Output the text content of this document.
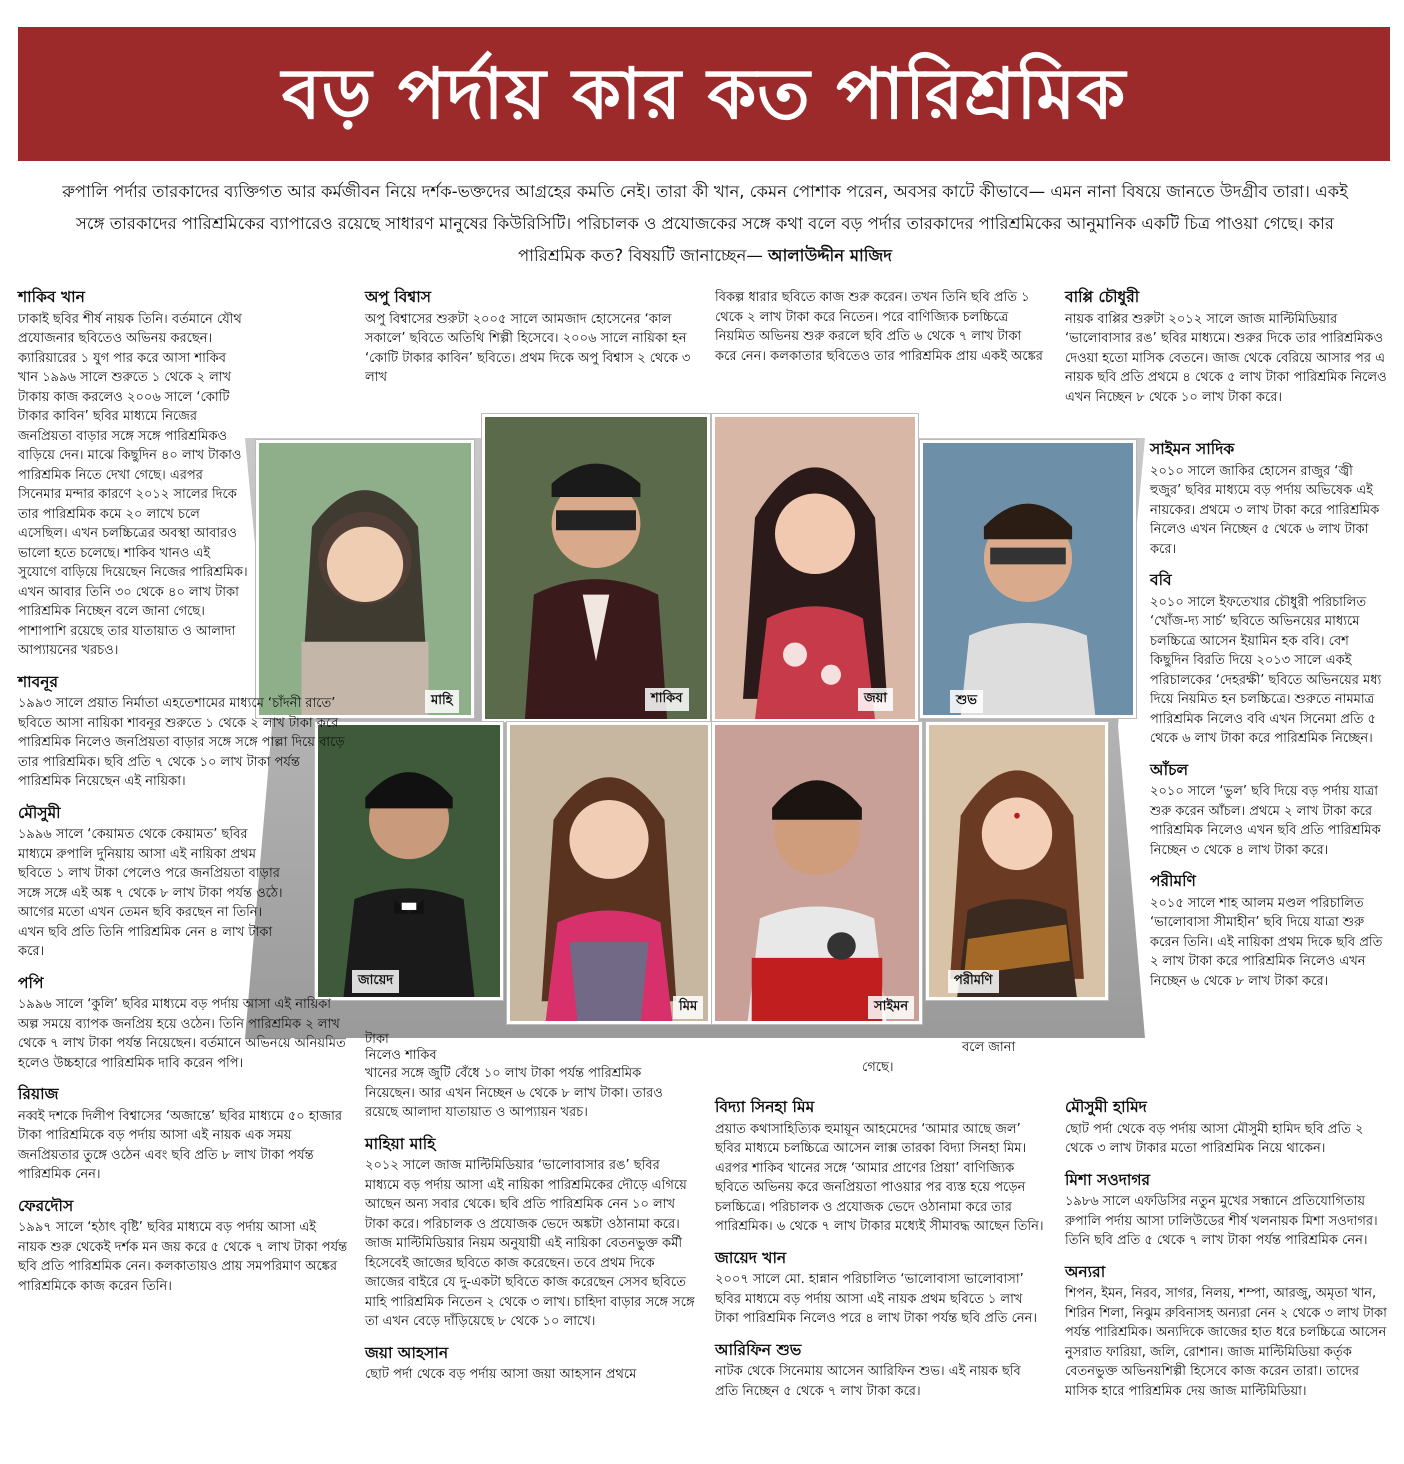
বড় পর্দায় কার কত পারিশ্রমিক

রুপালি পর্দার তারকাদের ব্যক্তিগত আর কর্মজীবন নিয়ে দর্শক-ভক্তদের আগ্রহের কমতি নেই। তারা কী খান, কেমন পোশাক পরেন, অবসর কাটে কীভাবে— এমন নানা বিষয়ে জানতে উদগ্রীব তারা। একই সঙ্গে তারকাদের পারিশ্রমিকের ব্যাপারেও রয়েছে সাধারণ মানুষের কিউরিসিটি। পরিচালক ও প্রযোজকের সঙ্গে কথা বলে বড় পর্দার তারকাদের পারিশ্রমিকের আনুমানিক একটি চিত্র পাওয়া গেছে। কার পারিশ্রমিক কত? বিষয়টি জানাচ্ছেন— আলাউদ্দীন মাজিদ

মাহি	শাকিব	জয়া	শুভ
জায়েদ
মিম	সাইমন
পরীমণি
শাকিব খান

ঢাকাই ছবির শীর্ষ নায়ক তিনি। বর্তমানে যৌথ প্রযোজনার ছবিতেও অভিনয় করছেন। ক্যারিয়ারের ১ যুগ পার করে আসা শাকিব খান ১৯৯৬ সালে শুরুতে ১ থেকে ২ লাখ টাকায় কাজ করলেও ২০০৬ সালে ‘কোটি টাকার কাবিন’ ছবির মাধ্যমে নিজের জনপ্রিয়তা বাড়ার সঙ্গে সঙ্গে পারিশ্রমিকও বাড়িয়ে দেন। মাঝে কিছুদিন ৪০ লাখ টাকাও পারিশ্রমিক নিতে দেখা গেছে। এরপর সিনেমার মন্দার কারণে ২০১২ সালের দিকে তার পারিশ্রমিক কমে ২০ লাখে চলে এসেছিল। এখন চলচ্চিত্রের অবস্থা আবারও ভালো হতে চলেছে। শাকিব খানও এই সুযোগে বাড়িয়ে দিয়েছেন নিজের পারিশ্রমিক। এখন আবার তিনি ৩০ থেকে ৪০ লাখ টাকা পারিশ্রমিক নিচ্ছেন বলে জানা গেছে। পাশাপাশি রয়েছে তার যাতায়াত ও আলাদা আপ্যায়নের খরচও।

শাবনূর

১৯৯৩ সালে প্রয়াত নির্মাতা এহতেশামের মাধ্যমে ‘চাঁদনী রাতে’ ছবিতে আসা নায়িকা শাবনূর শুরুতে ১ থেকে ২ লাখ টাকা করে পারিশ্রমিক নিলেও জনপ্রিয়তা বাড়ার সঙ্গে সঙ্গে পাল্লা দিয়ে বাড়ে তার পারিশ্রমিক। ছবি প্রতি ৭ থেকে ১০ লাখ টাকা পর্যন্ত পারিশ্রমিক নিয়েছেন এই নায়িকা।

মৌসুমী

১৯৯৬ সালে ‘কেয়ামত থেকে কেয়ামত’ ছবির মাধ্যমে রুপালি দুনিয়ায় আসা এই নায়িকা প্রথম ছবিতে ১ লাখ টাকা পেলেও পরে জনপ্রিয়তা বাড়ার সঙ্গে সঙ্গে এই অঙ্ক ৭ থেকে ৮ লাখ টাকা পর্যন্ত ওঠে। আগের মতো এখন তেমন ছবি করছেন না তিনি। এখন ছবি প্রতি তিনি পারিশ্রমিক নেন ৪ লাখ টাকা করে।

পপি

১৯৯৬ সালে ‘কুলি’ ছবির মাধ্যমে বড় পর্দায় আসা এই নায়িকা অল্প সময়ে ব্যাপক জনপ্রিয় হয়ে ওঠেন। তিনি পারিশ্রমিক ২ লাখ থেকে ৭ লাখ টাকা পর্যন্ত নিয়েছেন। বর্তমানে অভিনয়ে অনিয়মিত হলেও উচ্চহারে পারিশ্রমিক দাবি করেন পপি।

রিয়াজ

নব্বই দশকে দিলীপ বিশ্বাসের ‘অজান্তে’ ছবির মাধ্যমে ৫০ হাজার টাকা পারিশ্রমিকে বড় পর্দায় আসা এই নায়ক এক সময় জনপ্রিয়তার তুঙ্গে ওঠেন এবং ছবি প্রতি ৮ লাখ টাকা পর্যন্ত পারিশ্রমিক নেন।

ফেরদৌস

১৯৯৭ সালে ‘হঠাৎ বৃষ্টি’ ছবির মাধ্যমে বড় পর্দায় আসা এই নায়ক শুরু থেকেই দর্শক মন জয় করে ৫ থেকে ৭ লাখ টাকা পর্যন্ত ছবি প্রতি পারিশ্রমিক নেন। কলকাতায়ও প্রায় সমপরিমাণ অঙ্কের পারিশ্রমিকে কাজ করেন তিনি।

অপু বিশ্বাস

অপু বিশ্বাসের শুরুটা ২০০৫ সালে আমজাদ হোসেনের ‘কাল সকালে’ ছবিতে অতিথি শিল্পী হিসেবে। ২০০৬ সালে নায়িকা হন ‘কোটি টাকার কাবিন’ ছবিতে। প্রথম দিকে অপু বিশ্বাস ২ থেকে ৩ লাখ

টাকা

নিলেও শাকিব

খানের সঙ্গে জুটি বেঁধে ১০ লাখ টাকা পর্যন্ত পারিশ্রমিক নিয়েছেন। আর এখন নিচ্ছেন ৬ থেকে ৮ লাখ টাকা। তারও রয়েছে আলাদা যাতায়াত ও আপ্যায়ন খরচ।

মাহিয়া মাহি

২০১২ সালে জাজ মাল্টিমিডিয়ার ‘ভালোবাসার রঙ’ ছবির মাধ্যমে বড় পর্দায় আসা এই নায়িকা পারিশ্রমিকের দৌড়ে এগিয়ে আছেন অন্য সবার থেকে। ছবি প্রতি পারিশ্রমিক নেন ১০ লাখ টাকা করে। পরিচালক ও প্রযোজক ভেদে অঙ্কটা ওঠানামা করে। জাজ মাল্টিমিডিয়ার নিয়ম অনুযায়ী এই নায়িকা বেতনভুক্ত কর্মী হিসেবেই জাজের ছবিতে কাজ করেছেন। তবে প্রথম দিকে জাজের বাইরে যে দু-একটা ছবিতে কাজ করেছেন সেসব ছবিতে মাহি পারিশ্রমিক নিতেন ২ থেকে ৩ লাখ। চাহিদা বাড়ার সঙ্গে সঙ্গে তা এখন বেড়ে দাঁড়িয়েছে ৮ থেকে ১০ লাখে।

জয়া আহসান

ছোট পর্দা থেকে বড় পর্দায় আসা জয়া আহসান প্রথমে

বিকল্প ধারার ছবিতে কাজ শুরু করেন। তখন তিনি ছবি প্রতি ১ থেকে ২ লাখ টাকা করে নিতেন। পরে বাণিজ্যিক চলচ্চিত্রে নিয়মিত অভিনয় শুরু করলে ছবি প্রতি ৬ থেকে ৭ লাখ টাকা করে নেন। কলকাতার ছবিতেও তার পারিশ্রমিক প্রায় একই অঙ্কের

বলে জানা

গেছে।

বিদ্যা সিনহা মিম

প্রয়াত কথাসাহিত্যিক হুমায়ূন আহমেদের ‘আমার আছে জল’ ছবির মাধ্যমে চলচ্চিত্রে আসেন লাক্স তারকা বিদ্যা সিনহা মিম। এরপর শাকিব খানের সঙ্গে ‘আমার প্রাণের প্রিয়া’ বাণিজ্যিক ছবিতে অভিনয় করে জনপ্রিয়তা পাওয়ার পর ব্যস্ত হয়ে পড়েন চলচ্চিত্রে। পরিচালক ও প্রযোজক ভেদে ওঠানামা করে তার পারিশ্রমিক। ৬ থেকে ৭ লাখ টাকার মধ্যেই সীমাবদ্ধ আছেন তিনি।

জায়েদ খান

২০০৭ সালে মো. হান্নান পরিচালিত ‘ভালোবাসা ভালোবাসা’ ছবির মাধ্যমে বড় পর্দায় আসা এই নায়ক প্রথম ছবিতে ১ লাখ টাকা পারিশ্রমিক নিলেও পরে ৪ লাখ টাকা পর্যন্ত ছবি প্রতি নেন।

আরিফিন শুভ

নাটক থেকে সিনেমায় আসেন আরিফিন শুভ। এই নায়ক ছবি প্রতি নিচ্ছেন ৫ থেকে ৭ লাখ টাকা করে।

বাপ্পি চৌধুরী

নায়ক বাপ্পির শুরুটা ২০১২ সালে জাজ মাল্টিমিডিয়ার ‘ভালোবাসার রঙ’ ছবির মাধ্যমে। শুরুর দিকে তার পারিশ্রমিকও দেওয়া হতো মাসিক বেতনে। জাজ থেকে বেরিয়ে আসার পর এ নায়ক ছবি প্রতি প্রথমে ৪ থেকে ৫ লাখ টাকা পারিশ্রমিক নিলেও এখন নিচ্ছেন ৮ থেকে ১০ লাখ টাকা করে।

সাইমন সাদিক

২০১০ সালে জাকির হোসেন রাজুর ‘জ্বী হুজুর’ ছবির মাধ্যমে বড় পর্দায় অভিষেক এই নায়কের। প্রথমে ৩ লাখ টাকা করে পারিশ্রমিক নিলেও এখন নিচ্ছেন ৫ থেকে ৬ লাখ টাকা করে।

ববি

২০১০ সালে ইফতেখার চৌধুরী পরিচালিত ‘খোঁজ-দ্য সার্চ’ ছবিতে অভিনয়ের মাধ্যমে চলচ্চিত্রে আসেন ইয়ামিন হক ববি। বেশ কিছুদিন বিরতি দিয়ে ২০১৩ সালে একই পরিচালকের ‘দেহরক্ষী’ ছবিতে অভিনয়ের মধ্য দিয়ে নিয়মিত হন চলচ্চিত্রে। শুরুতে নামমাত্র পারিশ্রমিক নিলেও ববি এখন সিনেমা প্রতি ৫ থেকে ৬ লাখ টাকা করে পারিশ্রমিক নিচ্ছেন।

আঁচল

২০১০ সালে ‘ভুল’ ছবি দিয়ে বড় পর্দায় যাত্রা শুরু করেন আঁচল। প্রথমে ২ লাখ টাকা করে পারিশ্রমিক নিলেও এখন ছবি প্রতি পারিশ্রমিক নিচ্ছেন ৩ থেকে ৪ লাখ টাকা করে।

পরীমণি

২০১৫ সালে শাহ আলম মণ্ডল পরিচালিত ‘ভালোবাসা সীমাহীন’ ছবি দিয়ে যাত্রা শুরু করেন তিনি। এই নায়িকা প্রথম দিকে ছবি প্রতি ২ লাখ টাকা করে পারিশ্রমিক নিলেও এখন নিচ্ছেন ৬ থেকে ৮ লাখ টাকা করে।

মৌসুমী হামিদ

ছোট পর্দা থেকে বড় পর্দায় আসা মৌসুমী হামিদ ছবি প্রতি ২ থেকে ৩ লাখ টাকার মতো পারিশ্রমিক নিয়ে থাকেন।

মিশা সওদাগর

১৯৮৬ সালে এফডিসির নতুন মুখের সন্ধানে প্রতিযোগিতায় রুপালি পর্দায় আসা ঢালিউডের শীর্ষ খলনায়ক মিশা সওদাগর। তিনি ছবি প্রতি ৫ থেকে ৭ লাখ টাকা পর্যন্ত পারিশ্রমিক নেন।

অন্যরা

শিপন, ইমন, নিরব, সাগর, নিলয়, শম্পা, আরজু, অমৃতা খান, শিরিন শিলা, নিঝুম রুবিনাসহ অন্যরা নেন ২ থেকে ৩ লাখ টাকা পর্যন্ত পারিশ্রমিক। অন্যদিকে জাজের হাত ধরে চলচ্চিত্রে আসেন নুসরাত ফারিয়া, জলি, রোশান। জাজ মাল্টিমিডিয়া কর্তৃক বেতনভুক্ত অভিনয়শিল্পী হিসেবে কাজ করেন তারা। তাদের মাসিক হারে পারিশ্রমিক দেয় জাজ মাল্টিমিডিয়া।
